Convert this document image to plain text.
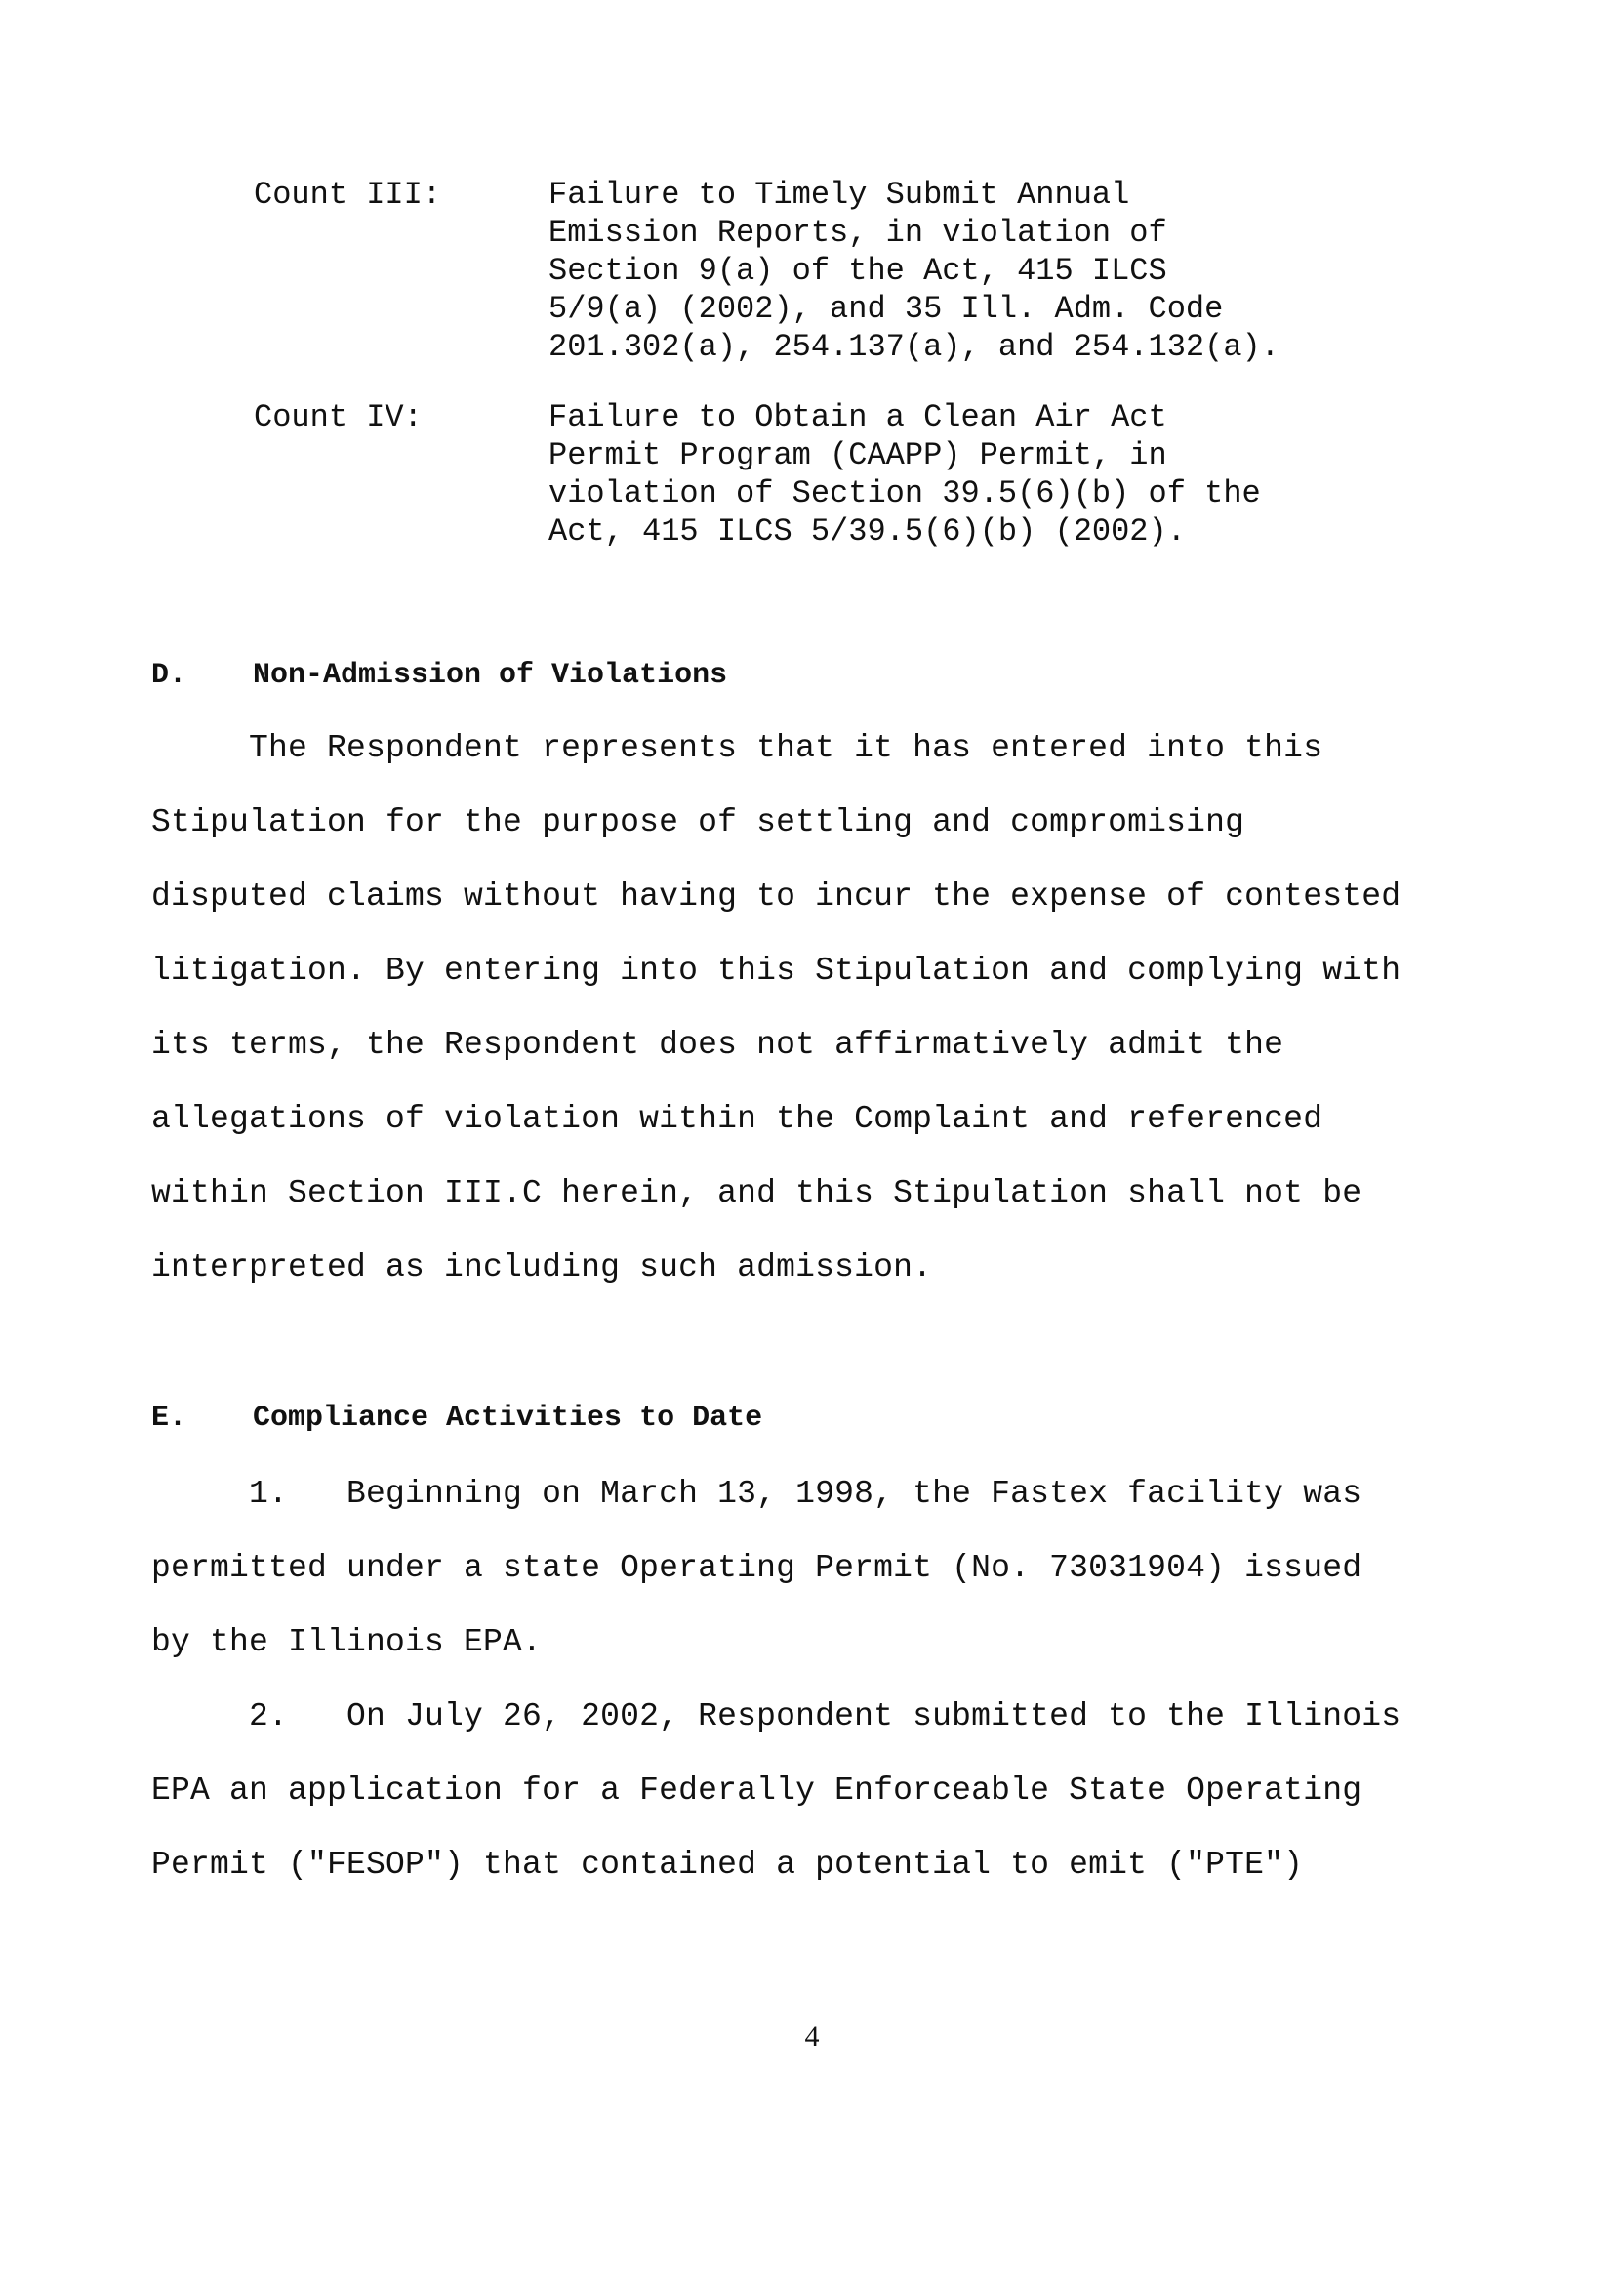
Count III:	Failure to Timely Submit Annual
Emission Reports, in violation of
Section 9(a) of the Act, 415 ILCS
5/9(a) (2002), and 35 Ill. Adm. Code
201.302(a), 254.137(a), and 254.132(a).
Count IV:	Failure to Obtain a Clean Air Act
Permit Program (CAAPP) Permit, in
violation of Section 39.5(6)(b) of the
Act, 415 ILCS 5/39.5(6)(b) (2002).
D. Non-Admission of Violations
The Respondent represents that it has entered into this
Stipulation for the purpose of settling and compromising
disputed claims without having to incur the expense of contested
litigation. By entering into this Stipulation and complying with
its terms, the Respondent does not affirmatively admit the
allegations of violation within the Complaint and referenced
within Section III.C herein, and this Stipulation shall not be
interpreted as including such admission.
E. Compliance Activities to Date
1.   Beginning on March 13, 1998, the Fastex facility was
permitted under a state Operating Permit (No. 73031904) issued
by the Illinois EPA.
2.   On July 26, 2002, Respondent submitted to the Illinois
EPA an application for a Federally Enforceable State Operating
Permit ("FESOP") that contained a potential to emit ("PTE")
4
